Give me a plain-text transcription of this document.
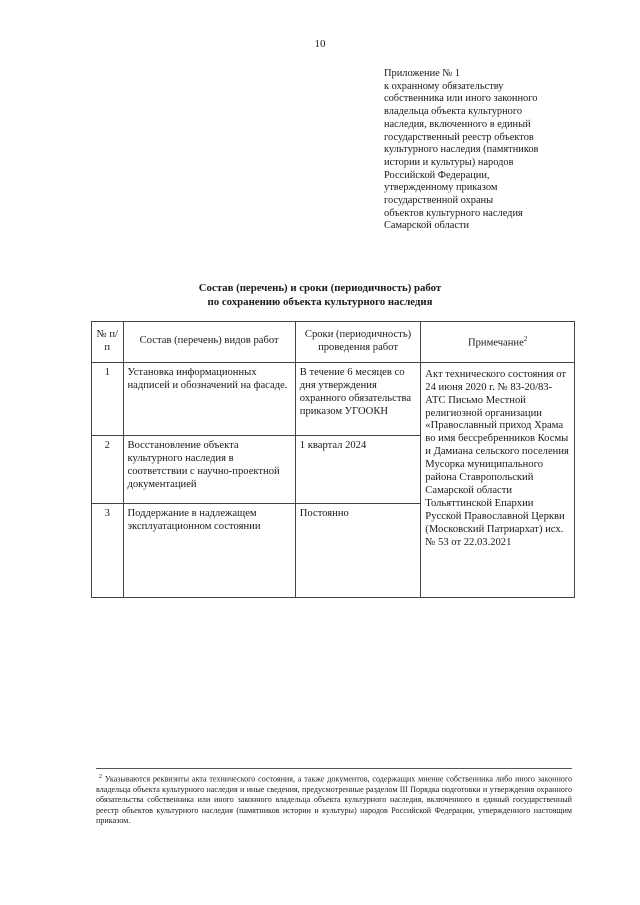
10
Приложение № 1
к охранному обязательству
собственника или иного законного
владельца объекта культурного
наследия, включенного в единый
государственный реестр объектов
культурного наследия (памятников
истории и культуры) народов
Российской Федерации,
утвержденному приказом
государственной охраны
объектов культурного наследия
Самарской области
Состав (перечень) и сроки (периодичность) работ
по сохранению объекта культурного наследия
№ п/п	Состав (перечень) видов работ	Сроки (периодичность) проведения работ	Примечание$^2$
1	Установка информационных надписей и обозначений на фасаде.	В течение 6 месяцев со дня утверждения охранного обязательства приказом УГООКН	Акт технического состояния от 24 июня 2020 г. № 83-20/83-АТС Письмо Местной религиозной организации «Православный приход Храма во имя бессребренников Космы и Дамиана сельского поселения Мусорка муниципального района Ставропольский Самарской области Тольяттинской Епархии Русской Православной Церкви (Московский Патриархат) исх. № 53 от 22.03.2021
2	Восстановление объекта культурного наследия в соответствии с научно-проектной документацией	1 квартал 2024	
3	Поддержание в надлежащем эксплуатационном состоянии	Постоянно	
$^2$ Указываются реквизиты акта технического состояния, а также документов, содержащих мнение собственника либо иного законного владельца объекта культурного наследия и иные сведения, предусмотренные разделом III Порядка подготовки и утверждения охранного обязательства собственника или иного законного владельца объекта культурного наследия, включенного в единый государственный реестр объектов культурного наследия (памятников истории и культуры) народов Российской Федерации, утвержденного настоящим приказом.
